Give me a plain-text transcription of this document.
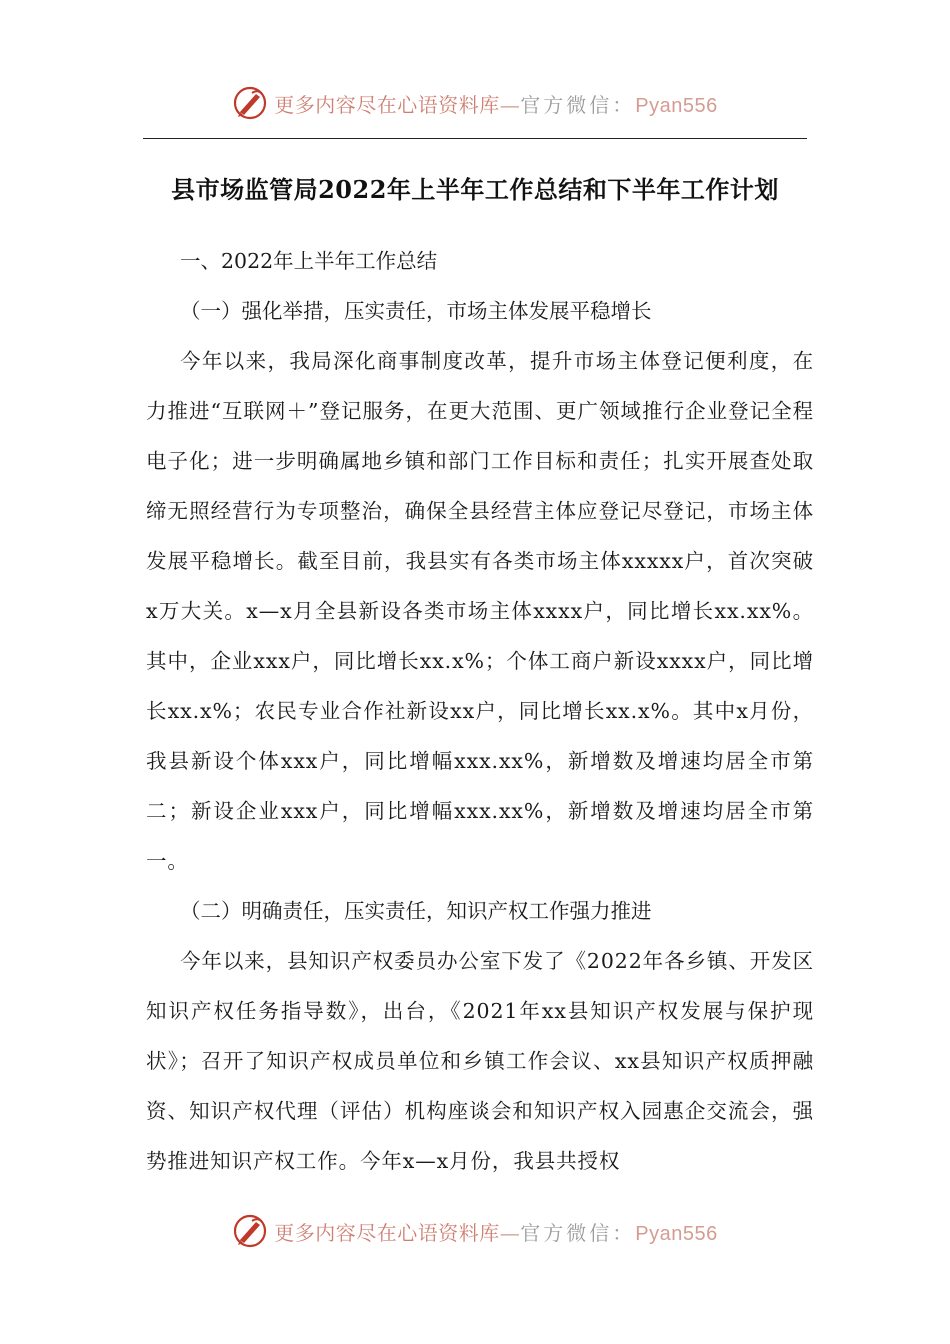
更多内容尽在心语资料库—官方微信：Pyan556
县市场监管局2022年上半年工作总结和下半年工作计划

一、2022年上半年工作总结

（一）强化举措，压实责任，市场主体发展平稳增长

今年以来，我局深化商事制度改革，提升市场主体登记便利度，在力推进“互联网＋”登记服务，在更大范围、更广领域推行企业登记全程电子化；进一步明确属地乡镇和部门工作目标和责任；扎实开展查处取缔无照经营行为专项整治，确保全县经营主体应登记尽登记，市场主体发展平稳增长。截至目前，我县实有各类市场主体xxxxx户，首次突破x万大关。x—x月全县新设各类市场主体xxxx户，同比增长xx.xx%。其中，企业xxx户，同比增长xx.x%；个体工商户新设xxxx户，同比增长xx.x%；农民专业合作社新设xx户，同比增长xx.x%。其中x月份，我县新设个体xxx户，同比增幅xxx.xx%，新增数及增速均居全市第二；新设企业xxx户，同比增幅xxx.xx%，新增数及增速均居全市第一。

（二）明确责任，压实责任，知识产权工作强力推进

今年以来，县知识产权委员办公室下发了《2022年各乡镇、开发区知识产权任务指导数》，出台，《2021年xx县知识产权发展与保护现状》；召开了知识产权成员单位和乡镇工作会议、xx县知识产权质押融资、知识产权代理（评估）机构座谈会和知识产权入园惠企交流会，强势推进知识产权工作。今年x—x月份，我县共授权

更多内容尽在心语资料库—官方微信：Pyan556
